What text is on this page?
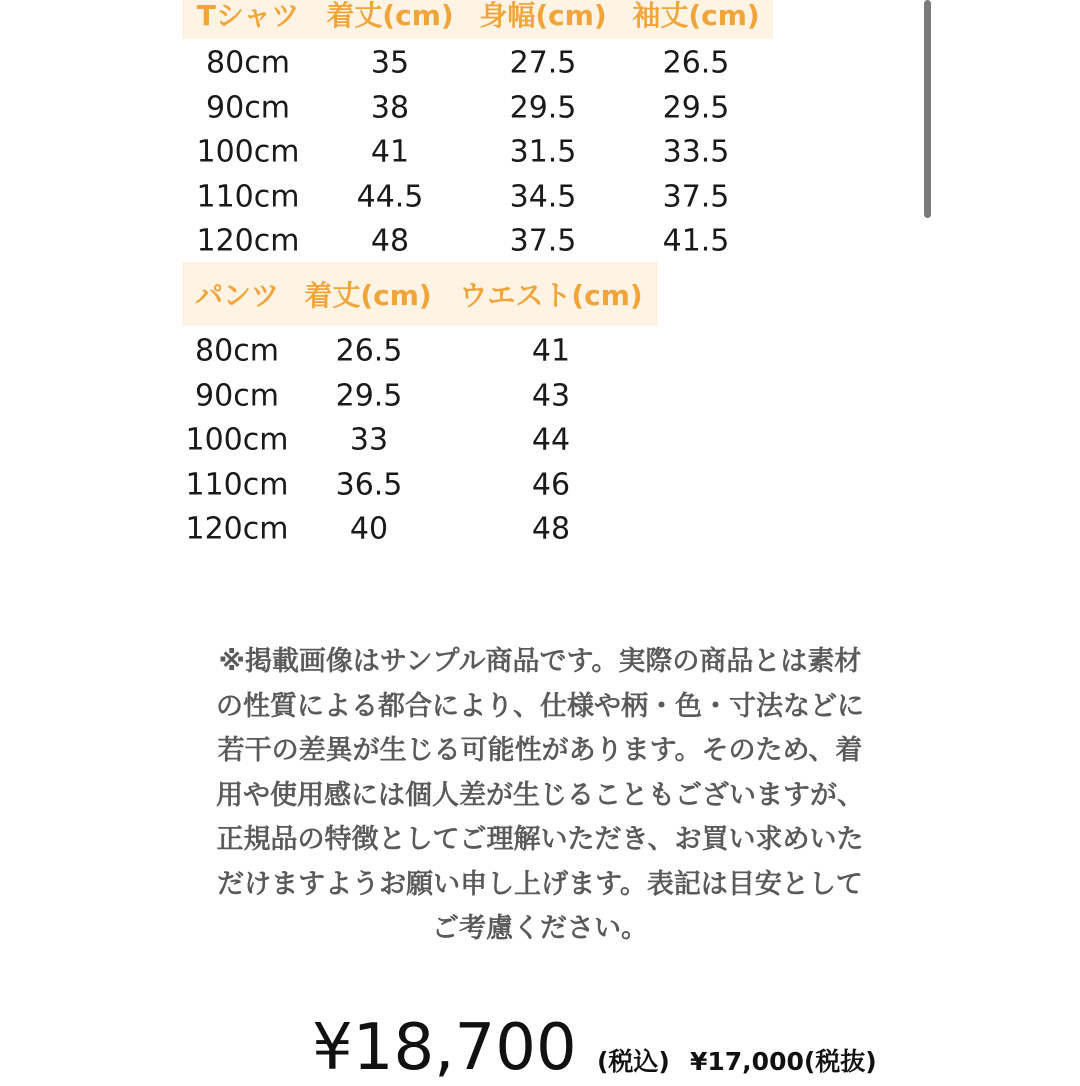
Tシャツ 着丈(cm) 身幅(cm) 袖丈(cm)
80cm	35	27.5	26.5
90cm	38	29.5	29.5
100cm 41	31.5	33.5
110cm 44.5	34.5	37.5
120cm 48	37.5	41.5
パンツ 着丈(cm) ウエスト(cm)
80cm 26.5	41
90cm 29.5	43
100cm 33	44
110cm 36.5	46
120cm 40	48
※掲載画像はサンプル商品です。実際の商品とは素材
の性質による都合により、仕様や柄・色・寸法などに
若干の差異が生じる可能性があります。そのため、着
用や使用感には個人差が生じることもございますが、
正規品の特徴としてご理解いただき、お買い求めいた
だけますようお願い申し上げます。表記は目安として
ご考慮ください。
¥18,700 (税込) ¥17,000(税抜)
